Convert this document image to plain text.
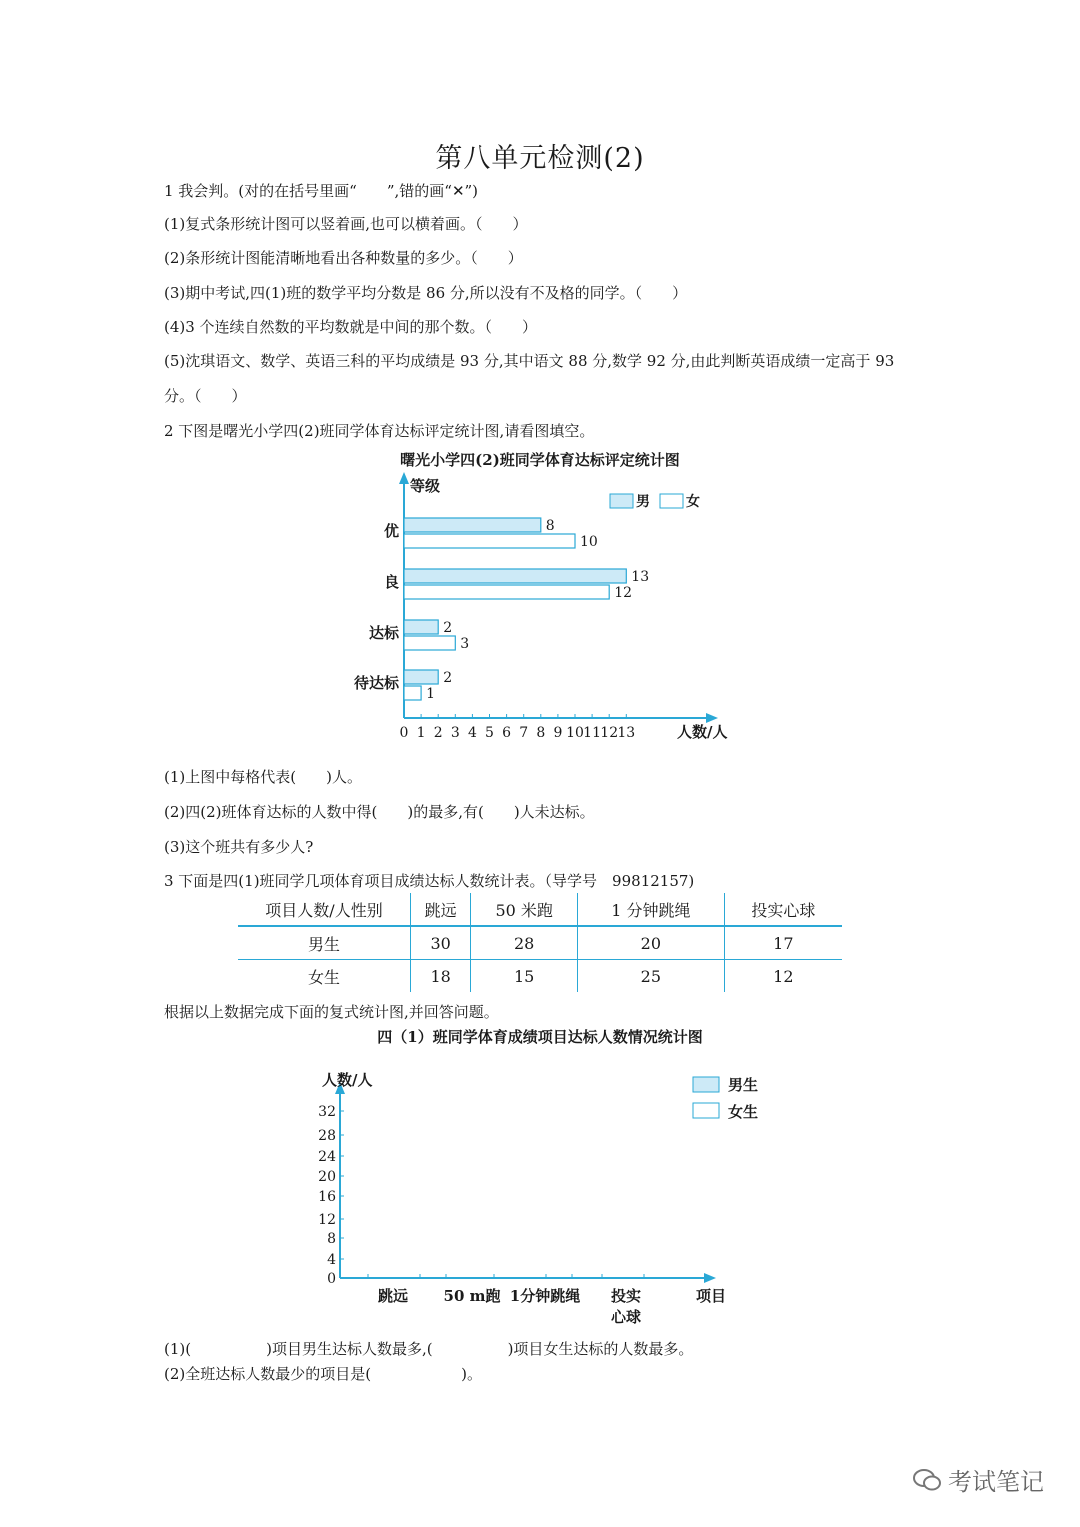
第八单元检测(2)
1 我会判。(对的在括号里画“　　”,错的画“✕”)
(1)复式条形统计图可以竖着画,也可以横着画。（　　）
(2)条形统计图能清晰地看出各种数量的多少。（　　）
(3)期中考试,四(1)班的数学平均分数是 86 分,所以没有不及格的同学。（　　）
(4)3 个连续自然数的平均数就是中间的那个数。（　　）
(5)沈琪语文、数学、英语三科的平均成绩是 93 分,其中语文 88 分,数学 92 分,由此判断英语成绩一定高于 93
分。（　　）
2 下图是曙光小学四(2)班同学体育达标评定统计图,请看图填空。
曙光小学四(2)班同学体育达标评定统计图
0 1 2 3 4 5 6 7 8 9 10 11 12 13
优
良
达标
待达标
8
10
13
12
2
3
2
1
等级
人数/人
男	女
(1)上图中每格代表(　　)人。
(2)四(2)班体育达标的人数中得(　　)的最多,有(　　)人未达标。
(3)这个班共有多少人?
3 下面是四(1)班同学几项体育项目成绩达标人数统计表。（导学号　99812157)
项目人数/人性别	跳远	50 米跑	1 分钟跳绳	投实心球
男生	30	28	20	17
女生	18	15	25	12
根据以上数据完成下面的复式统计图,并回答问题。
四（1）班同学体育成绩项目达标人数情况统计图
0
4
8
12
16
20
24
28
32
跳远 50 m跑 1分钟跳绳 投实心球
人数/人
项目
男生
女生
(1)(　　　　　)项目男生达标人数最多,(　　　　　)项目女生达标的人数最多。
(2)全班达标人数最少的项目是(　　　　　　)。
考试笔记
